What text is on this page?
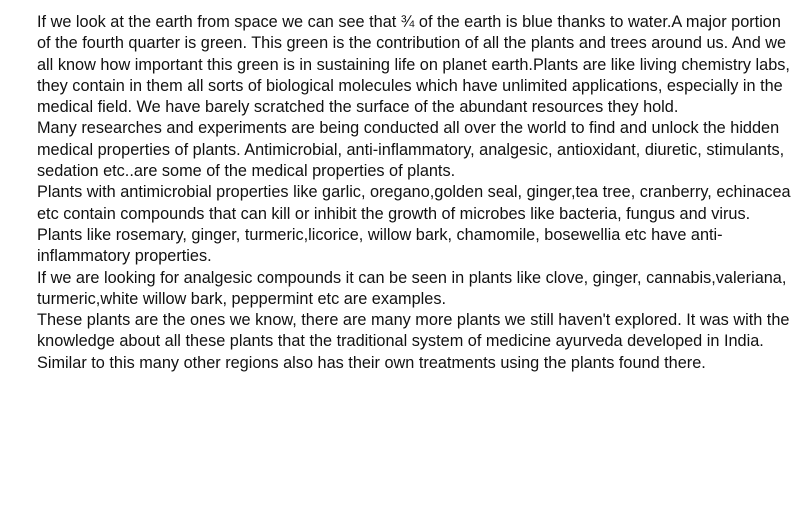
If we look at the earth from space we can see that ¾ of the earth is blue thanks to water.A major portion of the fourth quarter is green. This green is the contribution of all the plants and trees around us. And we all know how important this green is in sustaining life on planet earth.Plants are like living chemistry labs, they contain in them all sorts of biological molecules which have unlimited applications, especially in the medical field. We have barely scratched the surface of the abundant resources they hold.

Many researches and experiments are being conducted all over the world to find and unlock the hidden medical properties of plants. Antimicrobial, anti-inflammatory, analgesic, antioxidant, diuretic, stimulants, sedation etc..are some of the medical properties of plants.

Plants with antimicrobial properties like garlic, oregano,golden seal, ginger,tea tree, cranberry, echinacea etc contain compounds that can kill or inhibit the growth of microbes like bacteria, fungus and virus.

Plants like rosemary, ginger, turmeric,licorice, willow bark, chamomile, bosewellia etc have anti-inflammatory properties.

If we are looking for analgesic compounds it can be seen in plants like clove, ginger, cannabis,valeriana, turmeric,white willow bark, peppermint etc are examples.

These plants are the ones we know, there are many more plants we still haven't explored. It was with the knowledge about all these plants that the traditional system of medicine ayurveda developed in India. Similar to this many other regions also has their own treatments using the plants found there.
